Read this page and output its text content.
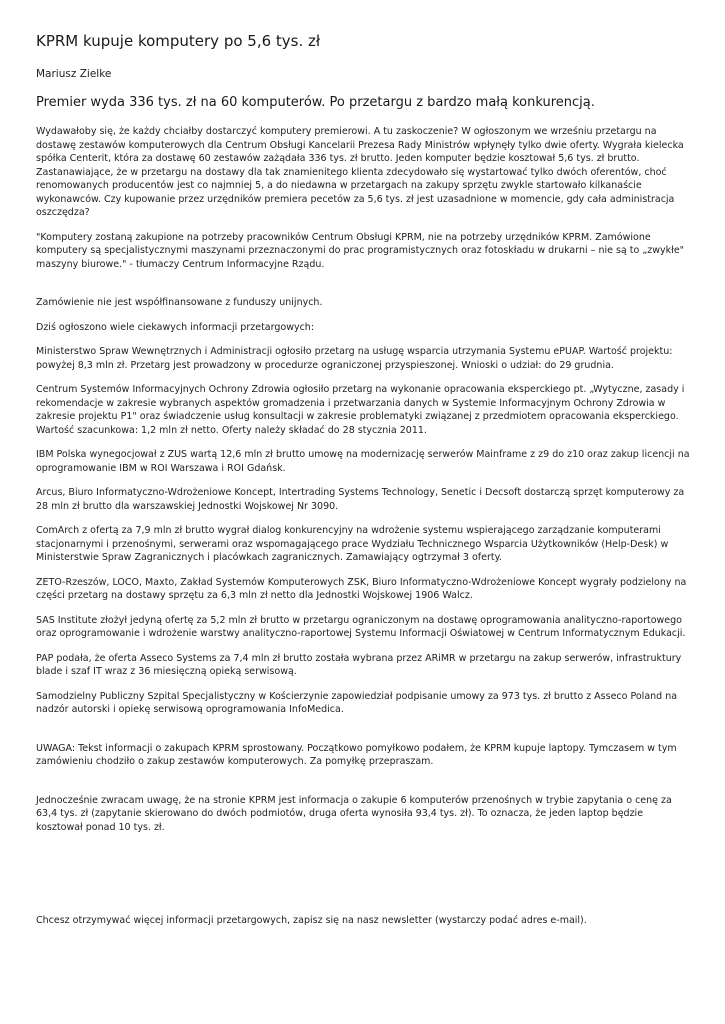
KPRM kupuje komputery po 5,6 tys. zł

Mariusz Zielke

Premier wyda 336 tys. zł na 60 komputerów. Po przetargu z bardzo małą konkurencją.

Wydawałoby się, że każdy chciałby dostarczyć komputery premierowi. A tu zaskoczenie? W ogłoszonym we wrześniu przetargu na dostawę zestawów komputerowych dla Centrum Obsługi Kancelarii Prezesa Rady Ministrów wpłynęły tylko dwie oferty. Wygrała kielecka spółka Centerit, która za dostawę 60 zestawów zażądała 336 tys. zł brutto. Jeden komputer będzie kosztował 5,6 tys. zł brutto. Zastanawiające, że w przetargu na dostawy dla tak znamienitego klienta zdecydowało się wystartować tylko dwóch oferentów, choć renomowanych producentów jest co najmniej 5, a do niedawna w przetargach na zakupy sprzętu zwykle startowało kilkanaście wykonawców. Czy kupowanie przez urzędników premiera pecetów za 5,6 tys. zł jest uzasadnione w momencie, gdy cała administracja oszczędza?

"Komputery zostaną zakupione na potrzeby pracowników Centrum Obsługi KPRM, nie na potrzeby urzędników KPRM. Zamówione komputery są specjalistycznymi maszynami przeznaczonymi do prac programistycznych oraz fotoskładu w drukarni – nie są to „zwykłe" maszyny biurowe." - tłumaczy Centrum Informacyjne Rządu.

Zamówienie nie jest współfinansowane z funduszy unijnych.

Dziś ogłoszono wiele ciekawych informacji przetargowych:

Ministerstwo Spraw Wewnętrznych i Administracji ogłosiło przetarg na usługę wsparcia utrzymania Systemu ePUAP. Wartość projektu: powyżej 8,3 mln zł. Przetarg jest prowadzony w procedurze ograniczonej przyspieszonej. Wnioski o udział: do 29 grudnia.

Centrum Systemów Informacyjnych Ochrony Zdrowia ogłosiło przetarg na wykonanie opracowania eksperckiego pt. „Wytyczne, zasady i rekomendacje w zakresie wybranych aspektów gromadzenia i przetwarzania danych w Systemie Informacyjnym Ochrony Zdrowia w zakresie projektu P1" oraz świadczenie usług konsultacji w zakresie problematyki związanej z przedmiotem opracowania eksperckiego. Wartość szacunkowa: 1,2 mln zł netto. Oferty należy składać do 28 stycznia 2011.

IBM Polska wynegocjował z ZUS wartą 12,6 mln zł brutto umowę na modernizację serwerów Mainframe z z9 do z10 oraz zakup licencji na oprogramowanie IBM w ROI Warszawa i ROI Gdańsk.

Arcus, Biuro Informatyczno-Wdrożeniowe Koncept, Intertrading Systems Technology, Senetic i Decsoft dostarczą sprzęt komputerowy za 28 mln zł brutto dla warszawskiej Jednostki Wojskowej Nr 3090.

ComArch z ofertą za 7,9 mln zł brutto wygrał dialog konkurencyjny na wdrożenie systemu wspierającego zarządzanie komputerami stacjonarnymi i przenośnymi, serwerami oraz wspomagającego prace Wydziału Technicznego Wsparcia Użytkowników (Help-Desk) w Ministerstwie Spraw Zagranicznych i placówkach zagranicznych. Zamawiający ogtrzymał 3 oferty.

ZETO-Rzeszów, LOCO, Maxto, Zakład Systemów Komputerowych ZSK, Biuro Informatyczno-Wdrożeniowe Koncept wygrały podzielony na części przetarg na dostawy sprzętu za 6,3 mln zł netto dla Jednostki Wojskowej 1906 Walcz.

SAS Institute złożył jedyną ofertę za 5,2 mln zł brutto w przetargu ograniczonym na dostawę oprogramowania analityczno-raportowego oraz oprogramowanie i wdrożenie warstwy analityczno-raportowej Systemu Informacji Oświatowej w Centrum Informatycznym Edukacji.

PAP podała, że oferta Asseco Systems za 7,4 mln zł brutto została wybrana przez ARiMR w przetargu na zakup serwerów, infrastruktury blade i szaf IT wraz z 36 miesięczną opieką serwisową.

Samodzielny Publiczny Szpital Specjalistyczny w Kościerzynie zapowiedział podpisanie umowy za 973 tys. zł brutto z Asseco Poland na nadzór autorski i opiekę serwisową oprogramowania InfoMedica.

UWAGA: Tekst informacji o zakupach KPRM sprostowany. Początkowo pomyłkowo podałem, że KPRM kupuje laptopy. Tymczasem w tym zamówieniu chodziło o zakup zestawów komputerowych. Za pomyłkę przepraszam.

Jednocześnie zwracam uwagę, że na stronie KPRM jest informacja o zakupie 6 komputerów przenośnych w trybie zapytania o cenę za 63,4 tys. zł (zapytanie skierowano do dwóch podmiotów, druga oferta wynosiła 93,4 tys. zł). To oznacza, że jeden laptop będzie kosztował ponad 10 tys. zł.

Chcesz otrzymywać więcej informacji przetargowych, zapisz się na nasz newsletter (wystarczy podać adres e-mail).
